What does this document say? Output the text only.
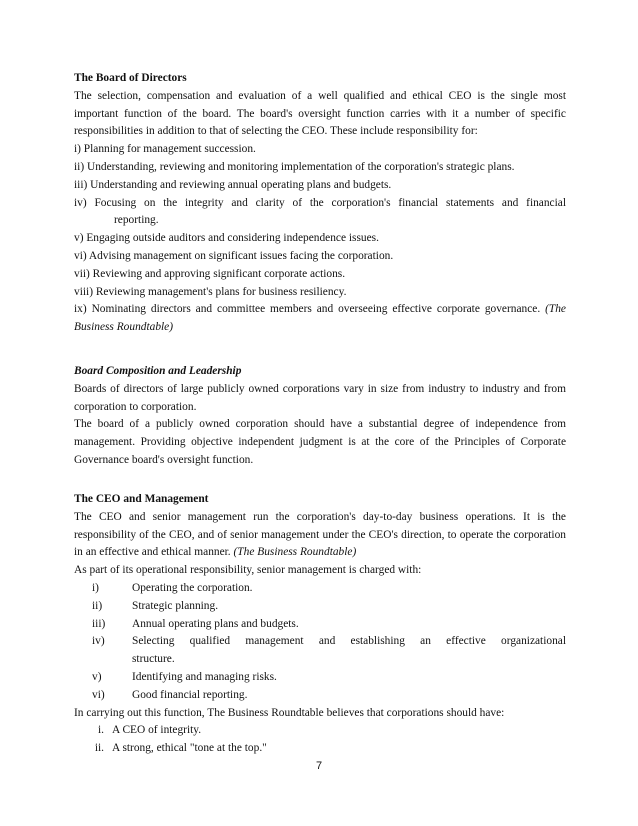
The Board of Directors

The selection, compensation and evaluation of a well qualified and ethical CEO is the single most important function of the board. The board's oversight function carries with it a number of specific responsibilities in addition to that of selecting the CEO. These include responsibility for:

i) Planning for management succession.

ii) Understanding, reviewing and monitoring implementation of the corporation's strategic plans.

iii) Understanding and reviewing annual operating plans and budgets.

iv) Focusing on the integrity and clarity of the corporation's financial statements and financial

reporting.

v) Engaging outside auditors and considering independence issues.

vi) Advising management on significant issues facing the corporation.

vii) Reviewing and approving significant corporate actions.

viii) Reviewing management's plans for business resiliency.

ix) Nominating directors and committee members and overseeing effective corporate governance. (The Business Roundtable)

Board Composition and Leadership

Boards of directors of large publicly owned corporations vary in size from industry to industry and from corporation to corporation.

The board of a publicly owned corporation should have a substantial degree of independence from management. Providing objective independent judgment is at the core of the Principles of Corporate Governance board's oversight function.

The CEO and Management

The CEO and senior management run the corporation's day-to-day business operations. It is the responsibility of the CEO, and of senior management under the CEO's direction, to operate the corporation in an effective and ethical manner. (The Business Roundtable)

As part of its operational responsibility, senior management is charged with:

i)	Operating the corporation.
ii)	Strategic planning.
iii)	Annual operating plans and budgets.
iv)	Selecting qualified management and establishing an effective organizational
structure.
v)	Identifying and managing risks.
vi)	Good financial reporting.

In carrying out this function, The Business Roundtable believes that corporations should have:

i. A CEO of integrity.
ii. A strong, ethical "tone at the top."
7
